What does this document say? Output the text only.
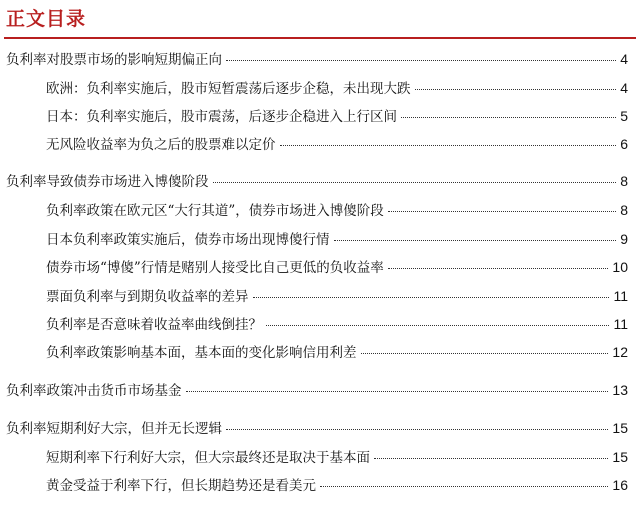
正文目录
负利率对股票市场的影响短期偏正向	4
欧洲：负利率实施后，股市短暂震荡后逐步企稳，未出现大跌	4
日本：负利率实施后，股市震荡，后逐步企稳进入上行区间	5
无风险收益率为负之后的股票难以定价	6
负利率导致债券市场进入博傻阶段	8
负利率政策在欧元区“大行其道”，债券市场进入博傻阶段	8
日本负利率政策实施后，债券市场出现博傻行情	9
债券市场“博傻”行情是赌别人接受比自己更低的负收益率	10
票面负利率与到期负收益率的差异	11
负利率是否意味着收益率曲线倒挂？	11
负利率政策影响基本面，基本面的变化影响信用利差	12
负利率政策冲击货币市场基金	13
负利率短期利好大宗，但并无长逻辑	15
短期利率下行利好大宗，但大宗最终还是取决于基本面	15
黄金受益于利率下行，但长期趋势还是看美元	16
